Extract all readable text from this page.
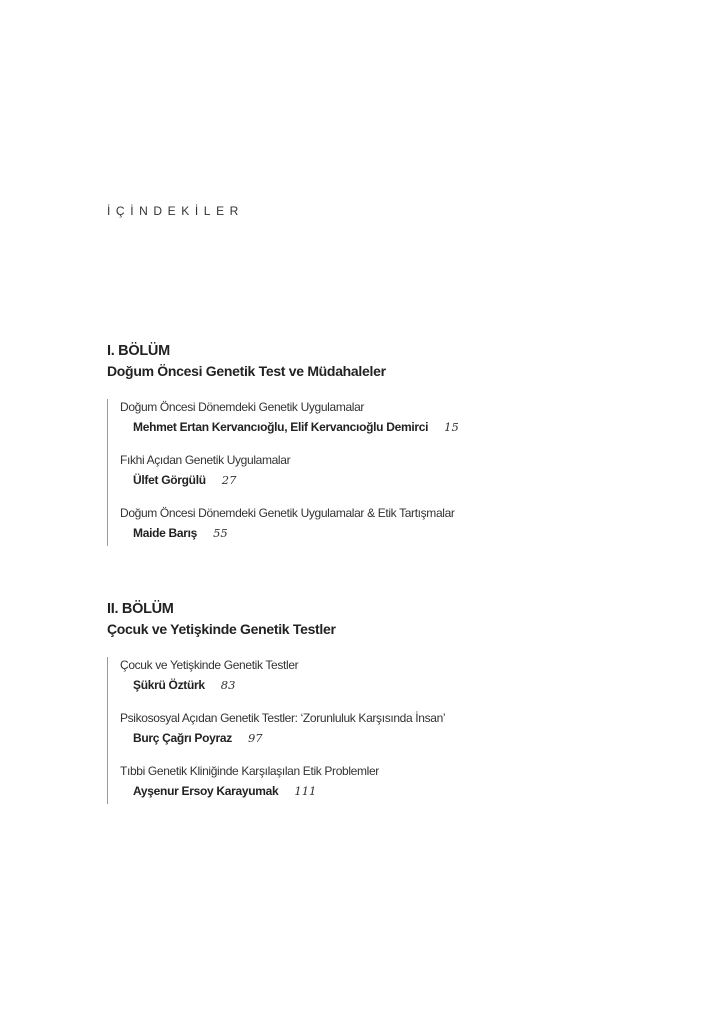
İÇİNDEKİLER
I. BÖLÜM
Doğum Öncesi Genetik Test ve Müdahaleler
Doğum Öncesi Dönemdeki Genetik Uygulamalar
Mehmet Ertan Kervancıoğlu, Elif Kervancıoğlu Demirci 15
Fıkhi Açıdan Genetik Uygulamalar
Ülfet Görgülü 27
Doğum Öncesi Dönemdeki Genetik Uygulamalar & Etik Tartışmalar
Maide Barış 55
II. BÖLÜM
Çocuk ve Yetişkinde Genetik Testler
Çocuk ve Yetişkinde Genetik Testler
Şükrü Öztürk 83
Psikososyal Açıdan Genetik Testler: ‘Zorunluluk Karşısında İnsan’
Burç Çağrı Poyraz 97
Tıbbi Genetik Kliniğinde Karşılaşılan Etik Problemler
Ayşenur Ersoy Karayumak 111
